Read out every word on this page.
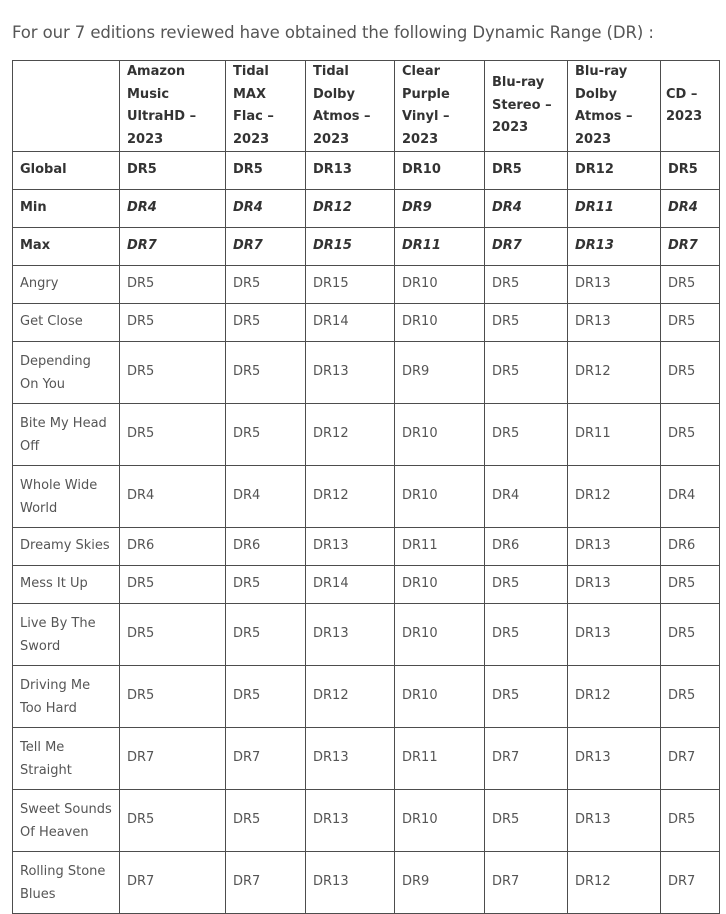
For our 7 editions reviewed have obtained the following Dynamic Range (DR) :

	Amazon Music UltraHD – 2023	Tidal MAX Flac – 2023	Tidal Dolby Atmos – 2023	Clear Purple Vinyl – 2023	Blu-ray Stereo – 2023	Blu-ray Dolby Atmos – 2023	CD – 2023
Global	DR5	DR5	DR13	DR10	DR5	DR12	DR5
Min	DR4	DR4	DR12	DR9	DR4	DR11	DR4
Max	DR7	DR7	DR15	DR11	DR7	DR13	DR7
Angry	DR5	DR5	DR15	DR10	DR5	DR13	DR5
Get Close	DR5	DR5	DR14	DR10	DR5	DR13	DR5
Depending On You	DR5	DR5	DR13	DR9	DR5	DR12	DR5
Bite My Head Off	DR5	DR5	DR12	DR10	DR5	DR11	DR5
Whole Wide World	DR4	DR4	DR12	DR10	DR4	DR12	DR4
Dreamy Skies	DR6	DR6	DR13	DR11	DR6	DR13	DR6
Mess It Up	DR5	DR5	DR14	DR10	DR5	DR13	DR5
Live By The Sword	DR5	DR5	DR13	DR10	DR5	DR13	DR5
Driving Me Too Hard	DR5	DR5	DR12	DR10	DR5	DR12	DR5
Tell Me Straight	DR7	DR7	DR13	DR11	DR7	DR13	DR7
Sweet Sounds Of Heaven	DR5	DR5	DR13	DR10	DR5	DR13	DR5
Rolling Stone Blues	DR7	DR7	DR13	DR9	DR7	DR12	DR7
